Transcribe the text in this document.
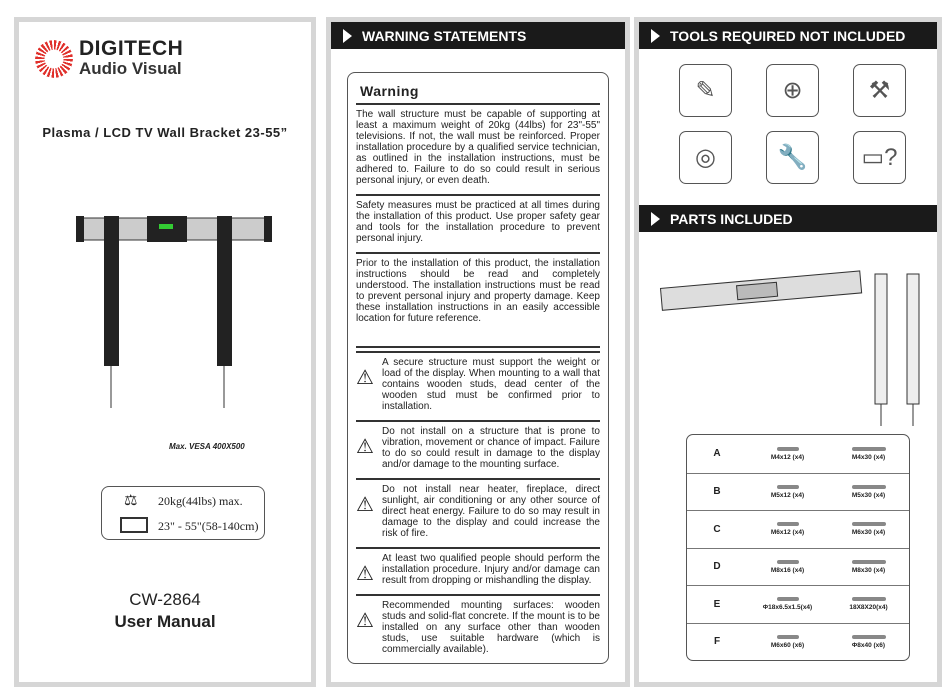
DIGITECH
Audio Visual
Plasma / LCD TV Wall Bracket 23-55”
Max. VESA 400X500
⚖ 20kg(44lbs) max.
23" - 55"(58-140cm)
CW-2864
User Manual
WARNING STATEMENTS
Warning

The wall structure must be capable of supporting at least a maximum weight of 20kg (44lbs) for 23"-55" televisions. If not, the wall must be reinforced. Proper installation procedure by a qualified service technician, as outlined in the installation instructions, must be adhered to. Failure to do so could result in serious personal injury, or even death.

Safety measures must be practiced at all times during the installation of this product. Use proper safety gear and tools for the installation procedure to prevent personal injury.

Prior to the installation of this product, the installation instructions should be read and completely understood. The installation instructions must be read to prevent personal injury and property damage. Keep these installation instructions in an easily accessible location for future reference.

⚠
A secure structure must support the weight or load of the display. When mounting to a wall that contains wooden studs, dead center of the wooden stud must be confirmed prior to installation.
⚠
Do not install on a structure that is prone to vibration, movement or chance of impact. Failure to do so could result in damage to the display and/or damage to the mounting surface.
⚠
Do not install near heater, fireplace, direct sunlight, air conditioning or any other source of direct heat energy. Failure to do so may result in damage to the display and could increase the risk of fire.
⚠
At least two qualified people should perform the installation procedure. Injury and/or damage can result from dropping or mishandling the display.
⚠
Recommended mounting surfaces: wooden studs and solid-flat concrete. If the mount is to be installed on any surface other than wooden studs, use suitable hardware (which is commercially available).
TOOLS REQUIRED NOT INCLUDED
✎	⊕	⚒
◎	🔧	▭?
PARTS INCLUDED
A	M4x12 (x4)	M4x30 (x4)
B	M5x12 (x4)	M5x30 (x4)
C	M6x12 (x4)	M6x30 (x4)
D	M8x16 (x4)	M8x30 (x4)
E	Φ18x6.5x1.5(x4)	18X8X20(x4)
F	M6x60 (x6)	Φ8x40 (x6)
